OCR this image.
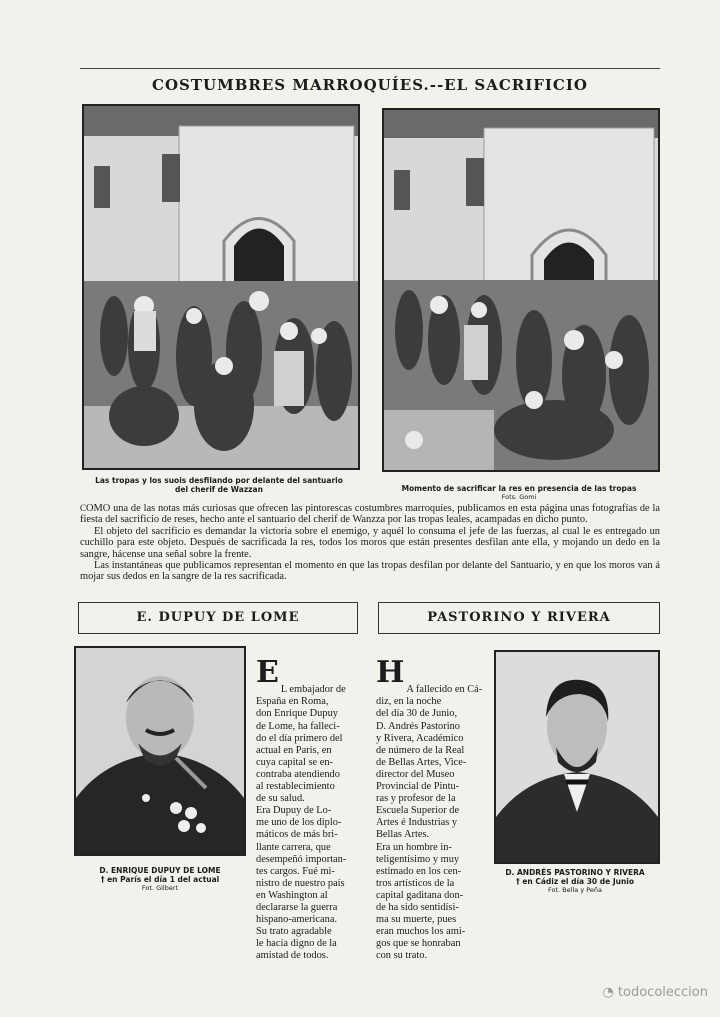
COSTUMBRES MARROQUÍES.--EL SACRIFICIO
Las tropas y los suois desfilando por delante del santuario
del cherif de Wazzan	Momento de sacrificar la res en presencia de las tropas
Fots. Gomi

COMO una de las notas más curiosas que ofrecen las pintorescas costumbres marroquíes, publicamos en esta página unas fotografías de la fiesta del sacrificio de reses, hecho ante el santuario del cherif de Wanzza por las tropas leales, acampadas en dicho punto.

El objeto del sacrificio es demandar la victoria sobre el enemigo, y aquél lo consuma el jefe de las fuerzas, al cual le es entregado un cuchillo para este objeto. Después de sacrificada la res, todos los moros que están presentes desfilan ante ella, y mojando un dedo en la sangre, hácense una señal sobre la frente.

Las instantáneas que publicamos representan el momento en que las tropas desfilan por delante del Santuario, y en que los moros van á mojar sus dedos en la sangre de la res sacrificada.

E. DUPUY DE LOME
D. ENRIQUE DUPUY DE LOME
† en París el día 1 del actual
Fot. Gilbert

E

L embajador de
España en Roma,
don Enrique Dupuy
de Lome, ha falleci-
do el día primero del
actual en París, en
cuya capital se en-
contraba atendiendo
al restablecimiento
de su salud.
Era Dupuy de Lo-
me uno de los diplo-
máticos de más bri-
llante carrera, que
desempeñó importan-
tes cargos. Fué mi-
nistro de nuestro país
en Washington al
declararse la guerra
hispano-americana.
Su trato agradable
le hacía digno de la
amistad de todos.

PASTORINO Y RIVERA

H

A fallecido en Cá-
diz, en la noche
del día 30 de Junio,
D. Andrés Pastorino
y Rivera, Académico
de número de la Real
de Bellas Artes, Vice-
director del Museo
Provincial de Pintu-
ras y profesor de la
Escuela Superior de
Artes é Industrias y
Bellas Artes.
Era un hombre in-
teligentísimo y muy
estimado en los cen-
tros artísticos de la
capital gaditana don-
de ha sido sentidísi-
ma su muerte, pues
eran muchos los ami-
gos que se honraban
con su trato.

D. ANDRÉS PASTORINO Y RIVERA
† en Cádiz el día 30 de Junio
Fot. Bella y Peña
◔ todocoleccion
